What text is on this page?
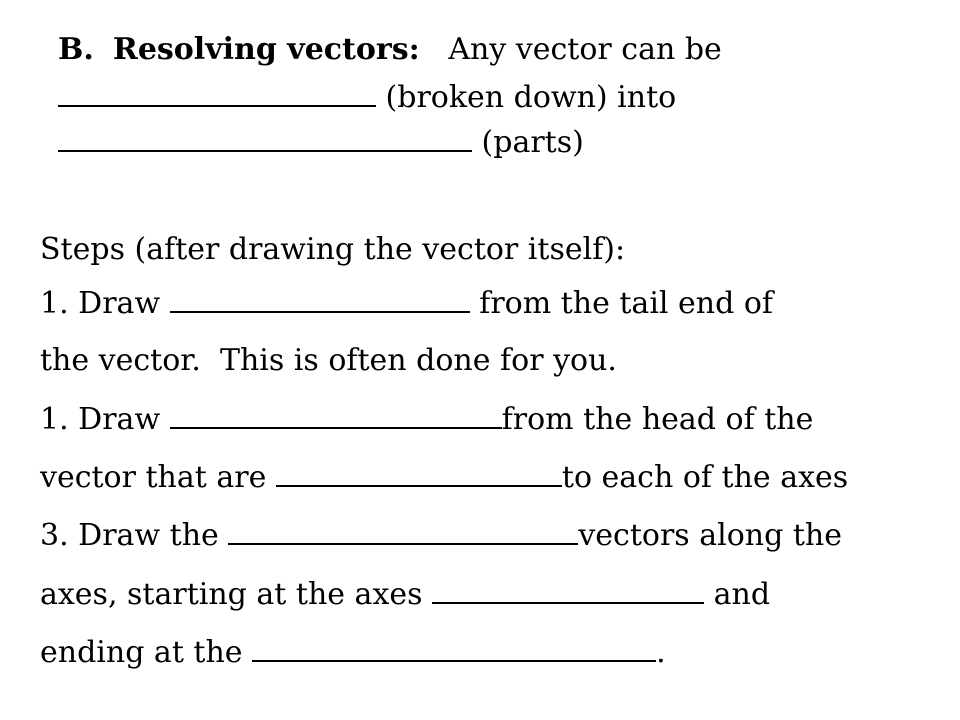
B. Resolving vectors: Any vector can be
(broken down) into
(parts)
Steps (after drawing the vector itself):
1. Draw	from the tail end of
the vector.  This is often done for you.
1. Draw	from the head of the
vector that are	to each of the axes
3. Draw the	vectors along the
axes, starting at the axes	and
ending at the	.
